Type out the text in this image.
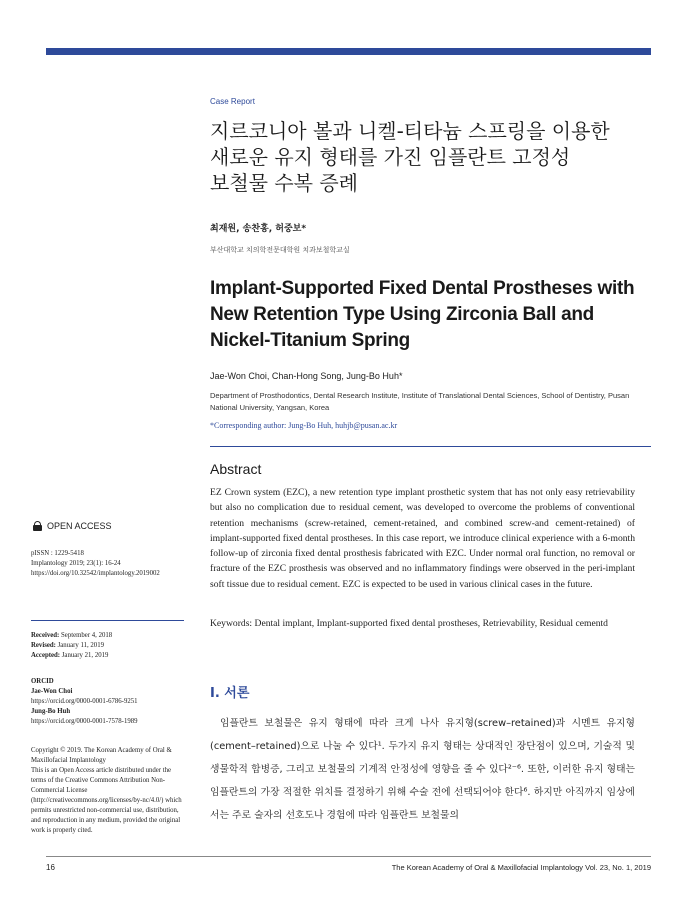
Case Report
지르코니아 볼과 니켈-티타늄 스프링을 이용한
새로운 유지 형태를 가진 임플란트 고정성
보철물 수복 증례
최재원, 송찬홍, 허중보*
부산대학교 치의학전문대학원 치과보철학교실
Implant-Supported Fixed Dental Prostheses with
New Retention Type Using Zirconia Ball and
Nickel-Titanium Spring
Jae-Won Choi, Chan-Hong Song, Jung-Bo Huh*
Department of Prosthodontics, Dental Research Institute, Institute of Translational Dental Sciences, School of Dentistry, Pusan National University, Yangsan, Korea
*Corresponding author: Jung-Bo Huh, huhjb@pusan.ac.kr
Abstract
EZ Crown system (EZC), a new retention type implant prosthetic system that has not only easy retrievability but also no complication due to residual cement, was developed to overcome the problems of conventional retention mechanisms (screw-retained, cement-retained, and combined screw-and cement-retained) of implant-supported fixed dental prostheses. In this case report, we introduce clinical experience with a 6-month follow-up of zirconia fixed dental prosthesis fabricated with EZC. Under normal oral function, no removal or fracture of the EZC prosthesis was observed and no inflammatory findings were observed in the peri-implant soft tissue due to residual cement. EZC is expected to be used in various clinical cases in the future.
Keywords: Dental implant, Implant-supported fixed dental prostheses, Retrievability, Residual cementd
Ⅰ. 서론

임플란트 보철물은 유지 형태에 따라 크게 나사 유지형(screw–retained)과 시멘트 유지형(cement–retained)으로 나눌 수 있다¹. 두가지 유지 형태는 상대적인 장단점이 있으며, 기술적 및 생물학적 합병증, 그리고 보철물의 기계적 안정성에 영향을 줄 수 있다²⁻⁶. 또한, 이러한 유지 형태는 임플란트의 가장 적절한 위치를 결정하기 위해 수술 전에 선택되어야 한다⁶. 하지만 아직까지 임상에서는 주로 술자의 선호도나 경험에 따라 임플란트 보철물의

OPEN ACCESS

pISSN : 1229-5418

Implantology 2019; 23(1): 16-24

https://doi.org/10.32542/implantology.2019002

Received: September 4, 2018

Revised: January 11, 2019

Accepted: January 21, 2019

ORCID

Jae-Won Choi

https://orcid.org/0000-0001-6786-9251

Jung-Bo Huh

https://orcid.org/0000-0001-7578-1989

Copyright © 2019. The Korean Academy of Oral & Maxillofacial Implantology

This is an Open Access article distributed under the terms of the Creative Commons Attribution Non-Commercial License (http://creativecommons.org/licenses/by-nc/4.0/) which permits unrestricted non-commercial use, distribution, and reproduction in any medium, provided the original work is properly cited.

16	The Korean Academy of Oral & Maxillofacial Implantology Vol. 23, No. 1, 2019
